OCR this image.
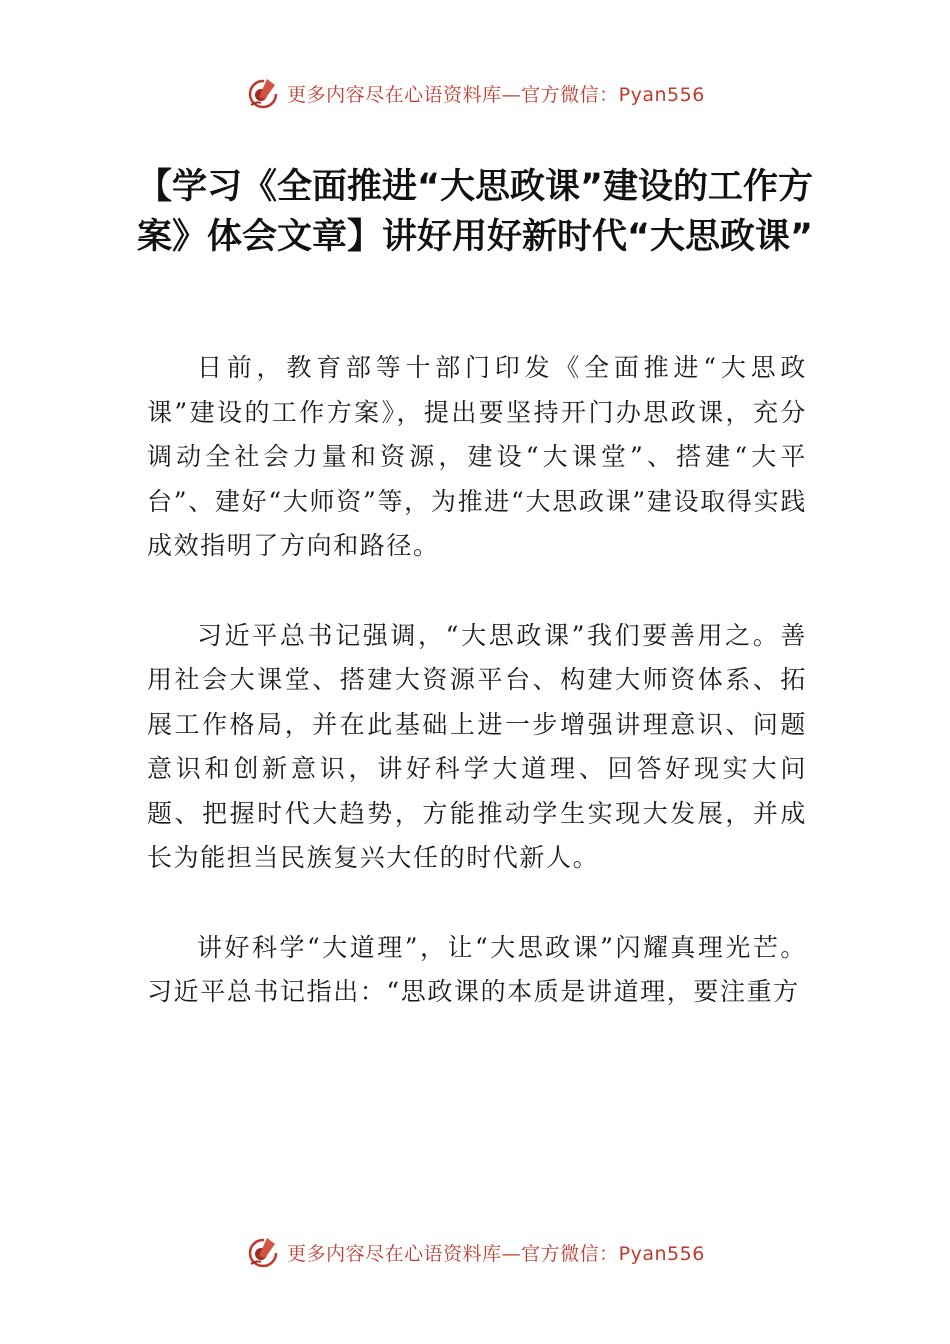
更多内容尽在心语资料库—官方微信：Pyan556
【学习《全面推进“大思政课”建设的工作方案》体会文章】讲好用好新时代“大思政课”

日前，教育部等十部门印发《全面推进“大思政课”建设的工作方案》，提出要坚持开门办思政课，充分调动全社会力量和资源，建设“大课堂”、搭建“大平台”、建好“大师资”等，为推进“大思政课”建设取得实践成效指明了方向和路径。

习近平总书记强调，“大思政课”我们要善用之。善用社会大课堂、搭建大资源平台、构建大师资体系、拓展工作格局，并在此基础上进一步增强讲理意识、问题意识和创新意识，讲好科学大道理、回答好现实大问题、把握时代大趋势，方能推动学生实现大发展，并成长为能担当民族复兴大任的时代新人。

讲好科学“大道理”，让“大思政课”闪耀真理光芒。习近平总书记指出：“思政课的本质是讲道理，要注重方

更多内容尽在心语资料库—官方微信：Pyan556
